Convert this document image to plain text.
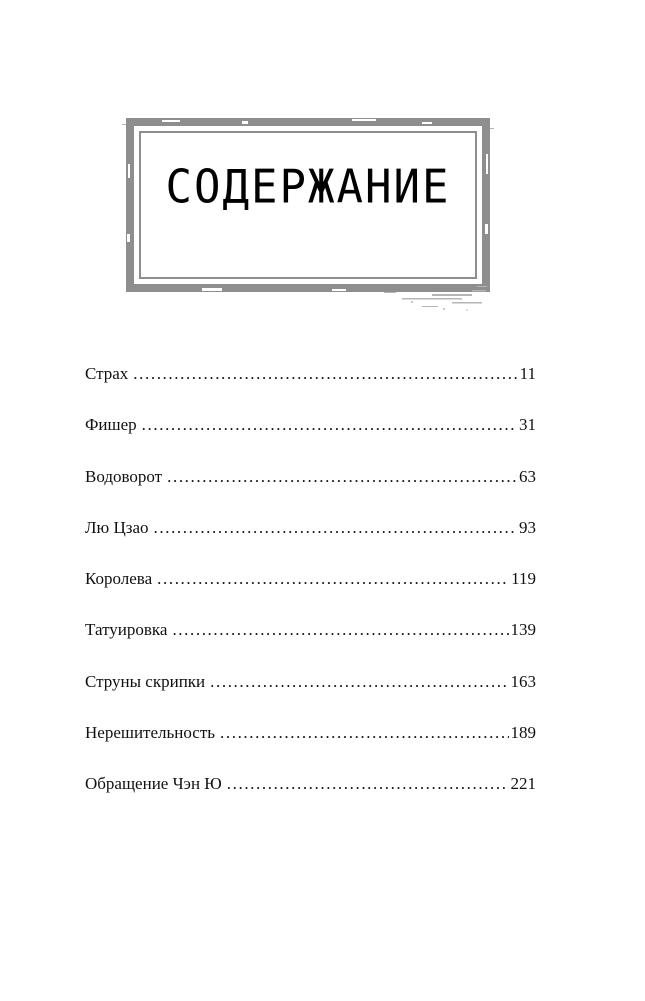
СОДЕРЖАНИЕ
Страх .....	11
Фишер .....	31
Водоворот .....	63
Лю Цзао .....	93
Королева .....	119
Татуировка .....	139
Струны скрипки .....	163
Нерешительность .....	189
Обращение Чэн Ю .....	221
